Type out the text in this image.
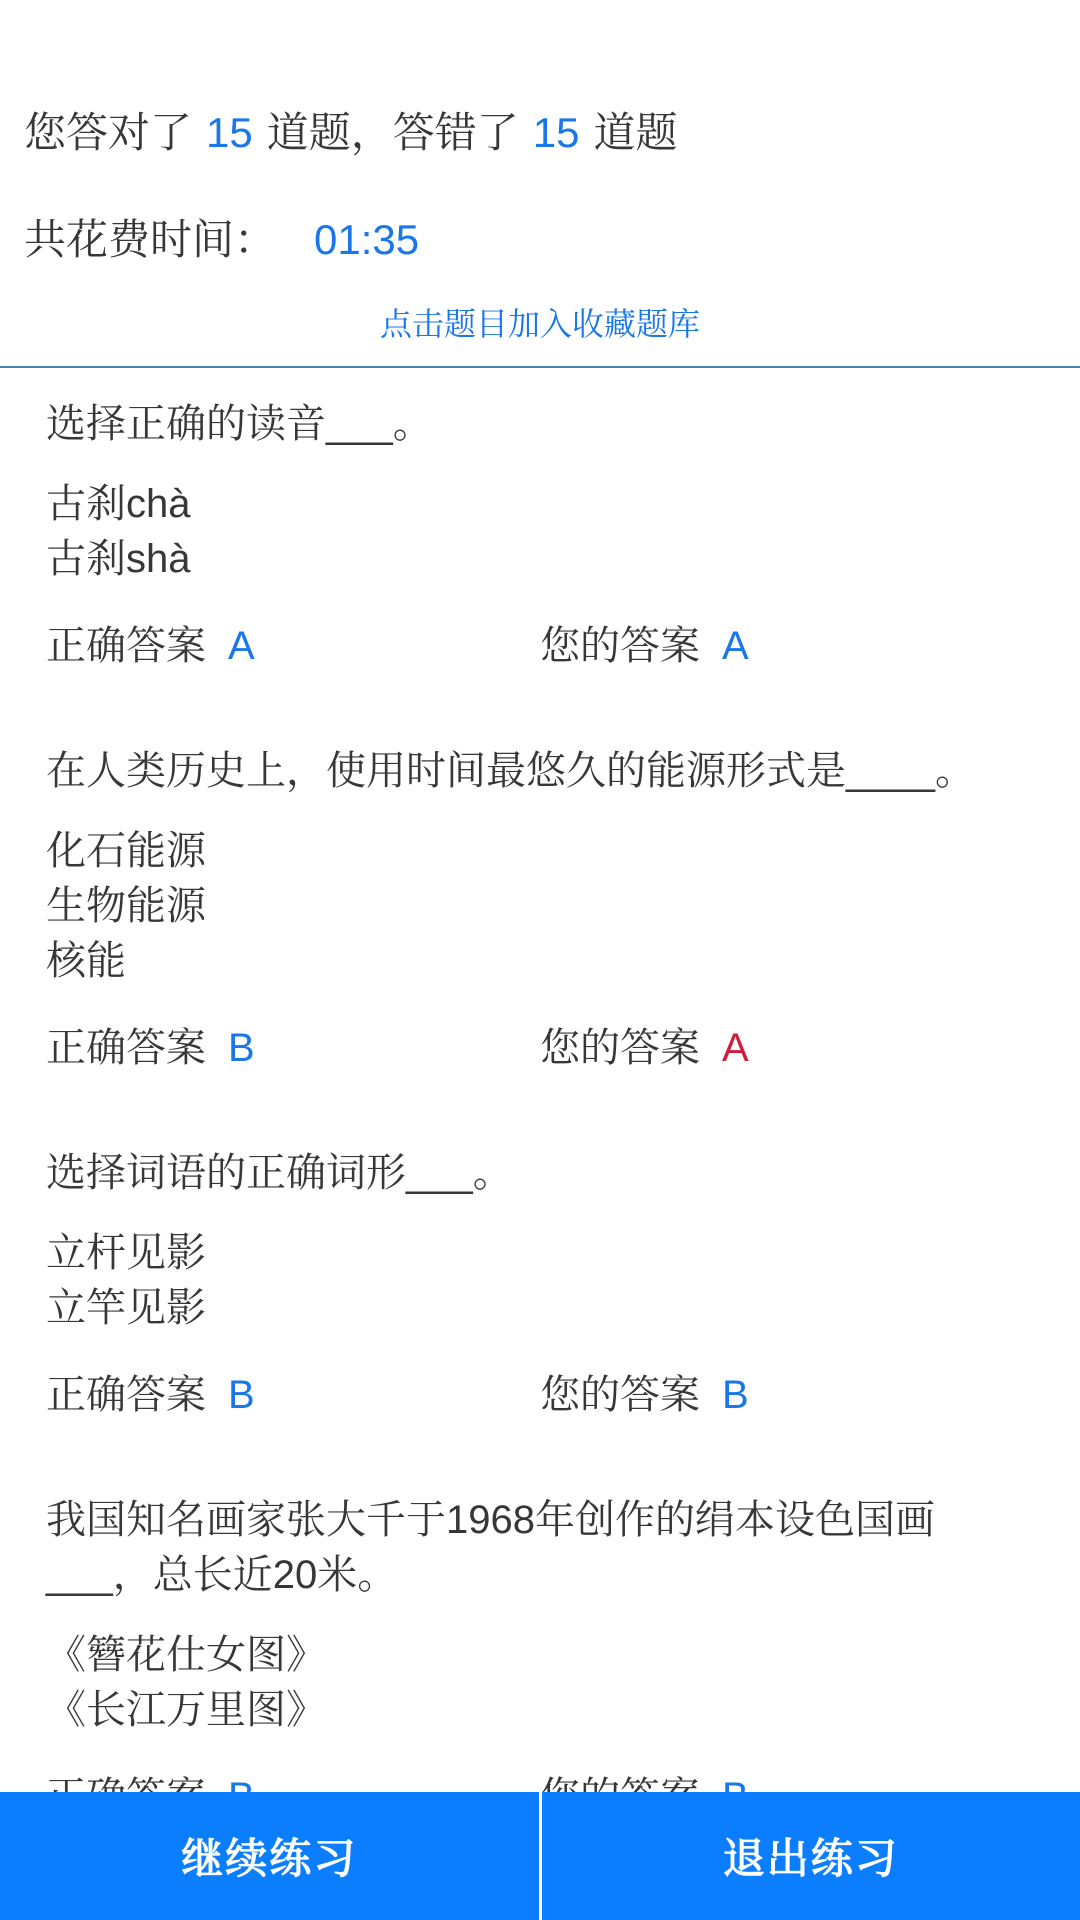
您答对了 15 道题，答错了 15 道题
共花费时间： 01:35
点击题目加入收藏题库

选择正确的读音___。

古刹chà
古刹shà
正确答案 A	您的答案 A

在人类历史上，使用时间最悠久的能源形式是____。

化石能源
生物能源
核能
正确答案 B	您的答案 A

选择词语的正确词形___。

立杆见影
立竿见影
正确答案 B	您的答案 B

我国知名画家张大千于1968年创作的绢本设色国画___，总长近20米。

《簪花仕女图》
《长江万里图》
继续练习	退出练习
